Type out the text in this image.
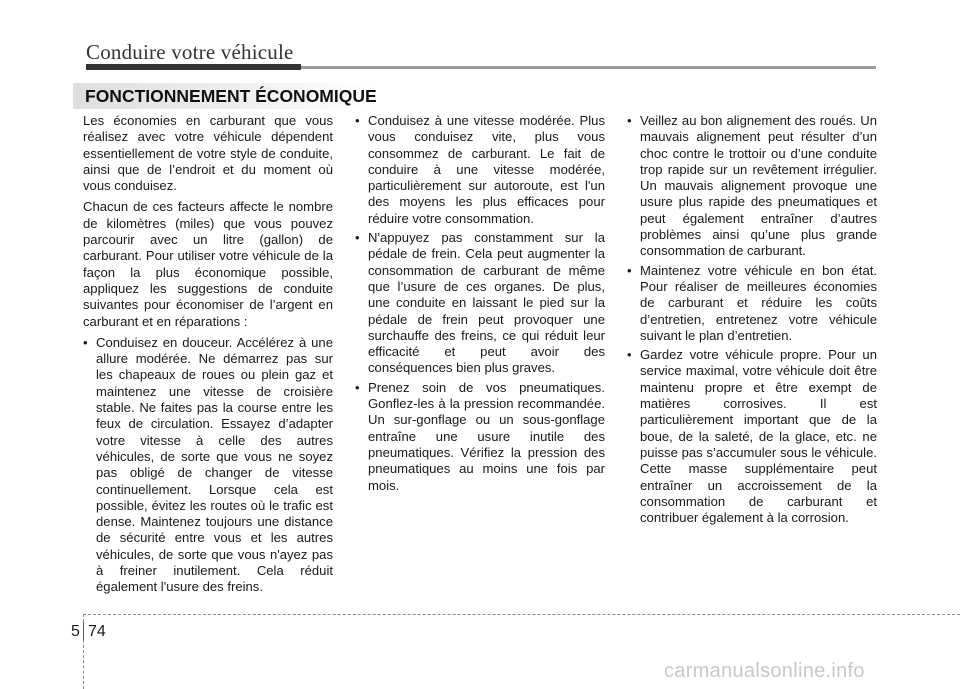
Conduire votre véhicule
FONCTIONNEMENT ÉCONOMIQUE

Les économies en carburant que vous réalisez avec votre véhicule dépendent essentiellement de votre style de conduite, ainsi que de l’endroit et du moment où vous conduisez.

Chacun de ces facteurs affecte le nombre de kilomètres (miles) que vous pouvez parcourir avec un litre (gallon) de carburant. Pour utiliser votre véhicule de la façon la plus économique possible, appliquez les suggestions de conduite suivantes pour économiser de l’argent en carburant et en réparations :

• Conduisez en douceur. Accélérez à une allure modérée. Ne démarrez pas sur les chapeaux de roues ou plein gaz et maintenez une vitesse de croisière stable. Ne faites pas la course entre les feux de circulation. Essayez d’adapter votre vitesse à celle des autres véhicules, de sorte que vous ne soyez pas obligé de changer de vitesse continuellement. Lorsque cela est possible, évitez les routes où le trafic est dense. Maintenez toujours une distance de sécurité entre vous et les autres véhicules, de sorte que vous n'ayez pas à freiner inutilement. Cela réduit également l'usure des freins.
• Conduisez à une vitesse modérée. Plus vous conduisez vite, plus vous consommez de carburant. Le fait de conduire à une vitesse modérée, particulièrement sur autoroute, est l'un des moyens les plus efficaces pour réduire votre consommation.
• N'appuyez pas constamment sur la pédale de frein. Cela peut augmenter la consommation de carburant de même que l’usure de ces organes. De plus, une conduite en laissant le pied sur la pédale de frein peut provoquer une surchauffe des freins, ce qui réduit leur efficacité et peut avoir des conséquences bien plus graves.
• Prenez soin de vos pneumatiques. Gonflez-les à la pression recommandée. Un sur-gonflage ou un sous-gonflage entraîne une usure inutile des pneumatiques. Vérifiez la pression des pneumatiques au moins une fois par mois.
• Veillez au bon alignement des roués. Un mauvais alignement peut résulter d’un choc contre le trottoir ou d’une conduite trop rapide sur un revêtement irrégulier. Un mauvais alignement provoque une usure plus rapide des pneumatiques et peut également entraîner d’autres problèmes ainsi qu’une plus grande consommation de carburant.
• Maintenez votre véhicule en bon état. Pour réaliser de meilleures économies de carburant et réduire les coûts d’entretien, entretenez votre véhicule suivant le plan d’entretien.
• Gardez votre véhicule propre. Pour un service maximal, votre véhicule doit être maintenu propre et être exempt de matières corrosives. Il est particulièrement important que de la boue, de la saleté, de la glace, etc. ne puisse pas s’accumuler sous le véhicule. Cette masse supplémentaire peut entraîner un accroissement de la consommation de carburant et contribuer également à la corrosion.
5 74
carmanualsonline.info
